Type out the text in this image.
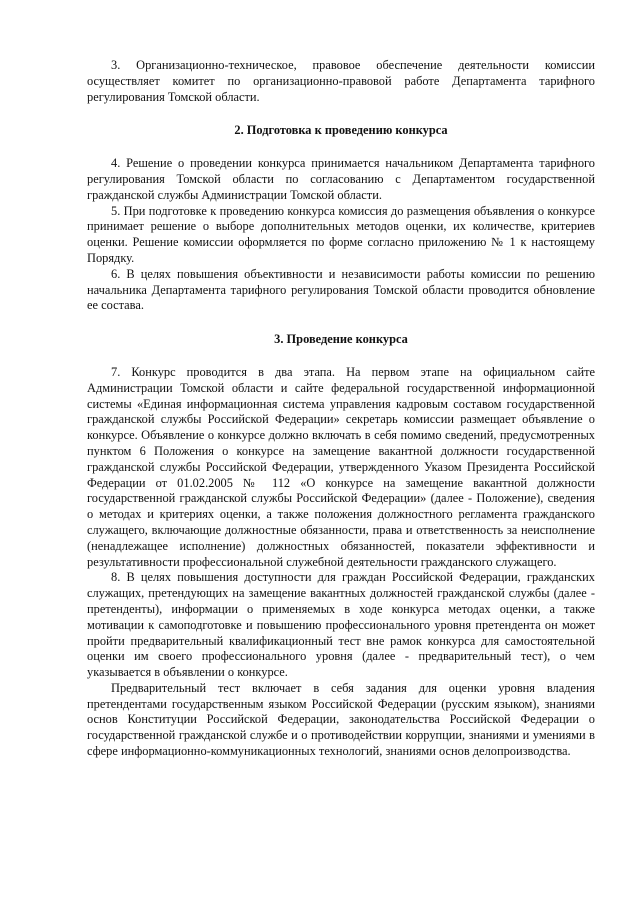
3. Организационно-техническое, правовое обеспечение деятельности комиссии осуществляет комитет по организационно-правовой работе Департамента тарифного регулирования Томской области.

2. Подготовка к проведению конкурса

4. Решение о проведении конкурса принимается начальником Департамента тарифного регулирования Томской области по согласованию с Департаментом государственной гражданской службы Администрации Томской области.

5. При подготовке к проведению конкурса комиссия до размещения объявления о конкурсе принимает решение о выборе дополнительных методов оценки, их количестве, критериев оценки. Решение комиссии оформляется по форме согласно приложению № 1 к настоящему Порядку.

6. В целях повышения объективности и независимости работы комиссии по решению начальника Департамента тарифного регулирования Томской области проводится обновление ее состава.

3. Проведение конкурса

7. Конкурс проводится в два этапа. На первом этапе на официальном сайте Администрации Томской области и сайте федеральной государственной информационной системы «Единая информационная система управления кадровым составом государственной гражданской службы Российской Федерации» секретарь комиссии размещает объявление о конкурсе. Объявление о конкурсе должно включать в себя помимо сведений, предусмотренных пунктом 6 Положения о конкурсе на замещение вакантной должности государственной гражданской службы Российской Федерации, утвержденного Указом Президента Российской Федерации от 01.02.2005 № 112 «О конкурсе на замещение вакантной должности государственной гражданской службы Российской Федерации» (далее - Положение), сведения о методах и критериях оценки, а также положения должностного регламента гражданского служащего, включающие должностные обязанности, права и ответственность за неисполнение (ненадлежащее исполнение) должностных обязанностей, показатели эффективности и результативности профессиональной служебной деятельности гражданского служащего.

8. В целях повышения доступности для граждан Российской Федерации, гражданских служащих, претендующих на замещение вакантных должностей гражданской службы (далее - претенденты), информации о применяемых в ходе конкурса методах оценки, а также мотивации к самоподготовке и повышению профессионального уровня претендента он может пройти предварительный квалификационный тест вне рамок конкурса для самостоятельной оценки им своего профессионального уровня (далее - предварительный тест), о чем указывается в объявлении о конкурсе.

Предварительный тест включает в себя задания для оценки уровня владения претендентами государственным языком Российской Федерации (русским языком), знаниями основ Конституции Российской Федерации, законодательства Российской Федерации о государственной гражданской службе и о противодействии коррупции, знаниями и умениями в сфере информационно-коммуникационных технологий, знаниями основ делопроизводства.
